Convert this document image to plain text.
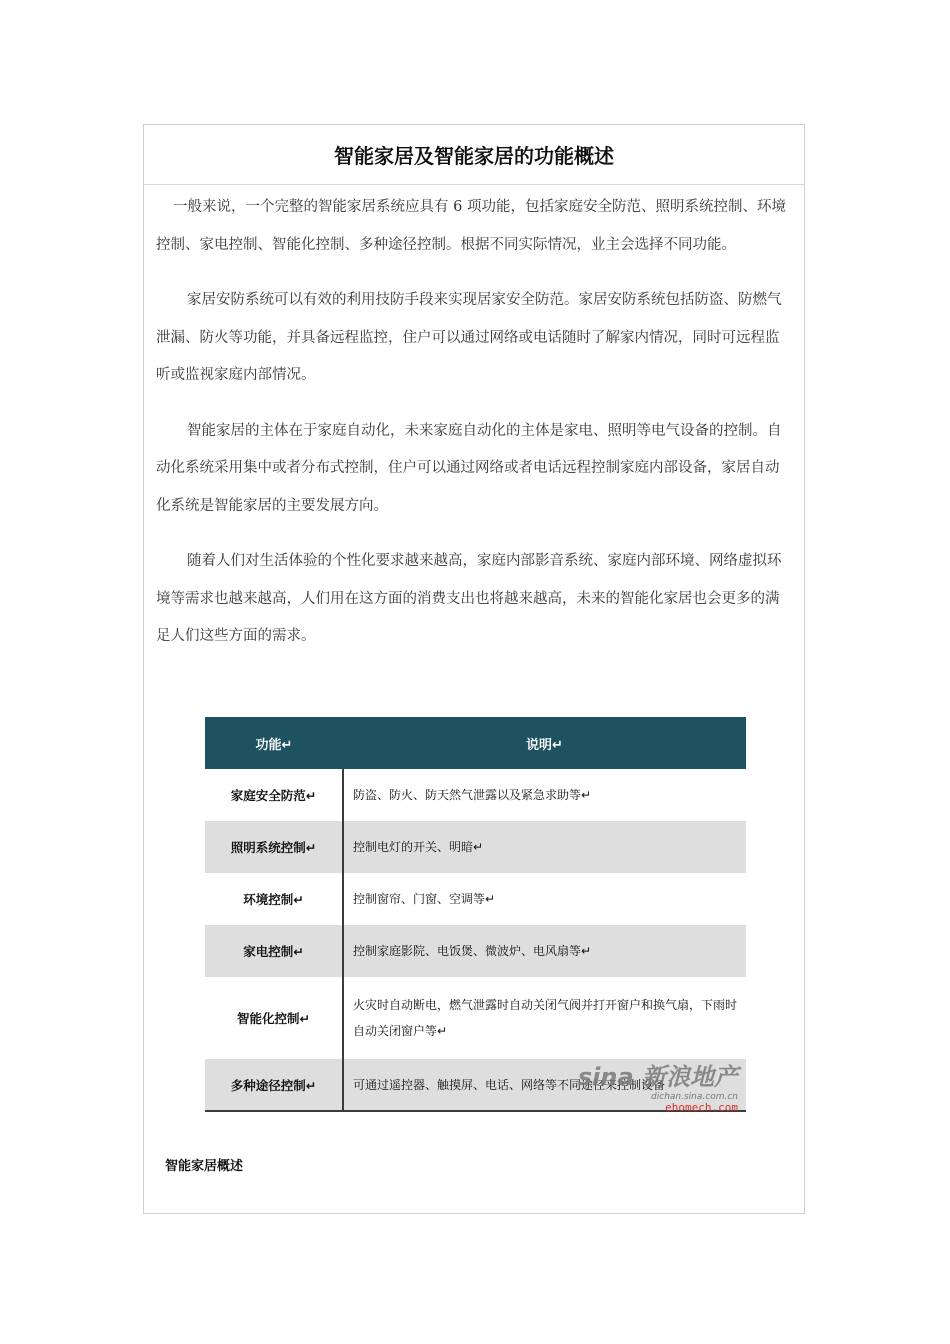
智能家居及智能家居的功能概述

一般来说，一个完整的智能家居系统应具有 6 项功能，包括家庭安全防范、照明系统控制、环境控制、家电控制、智能化控制、多种途径控制。根据不同实际情况，业主会选择不同功能。

家居安防系统可以有效的利用技防手段来实现居家安全防范。家居安防系统包括防盗、防燃气泄漏、防火等功能，并具备远程监控，住户可以通过网络或电话随时了解家内情况，同时可远程监听或监视家庭内部情况。

智能家居的主体在于家庭自动化，未来家庭自动化的主体是家电、照明等电气设备的控制。自动化系统采用集中或者分布式控制，住户可以通过网络或者电话远程控制家庭内部设备，家居自动化系统是智能家居的主要发展方向。

随着人们对生活体验的个性化要求越来越高，家庭内部影音系统、家庭内部环境、网络虚拟环境等需求也越来越高，人们用在这方面的消费支出也将越来越高，未来的智能化家居也会更多的满足人们这些方面的需求。

功能↵	说明↵
家庭安全防范↵	防盗、防火、防天然气泄露以及紧急求助等↵
照明系统控制↵	控制电灯的开关、明暗↵
环境控制↵	控制窗帘、门窗、空调等↵
家电控制↵	控制家庭影院、电饭煲、微波炉、电风扇等↵
智能化控制↵	火灾时自动断电，燃气泄露时自动关闭气阀并打开窗户和换气扇，下雨时自动关闭窗户等↵
多种途径控制↵	可通过遥控器、触摸屏、电话、网络等不同途径来控制设备
sina 新浪地产
dichan.sina.com.cn
ehomech.com
智能家居概述
